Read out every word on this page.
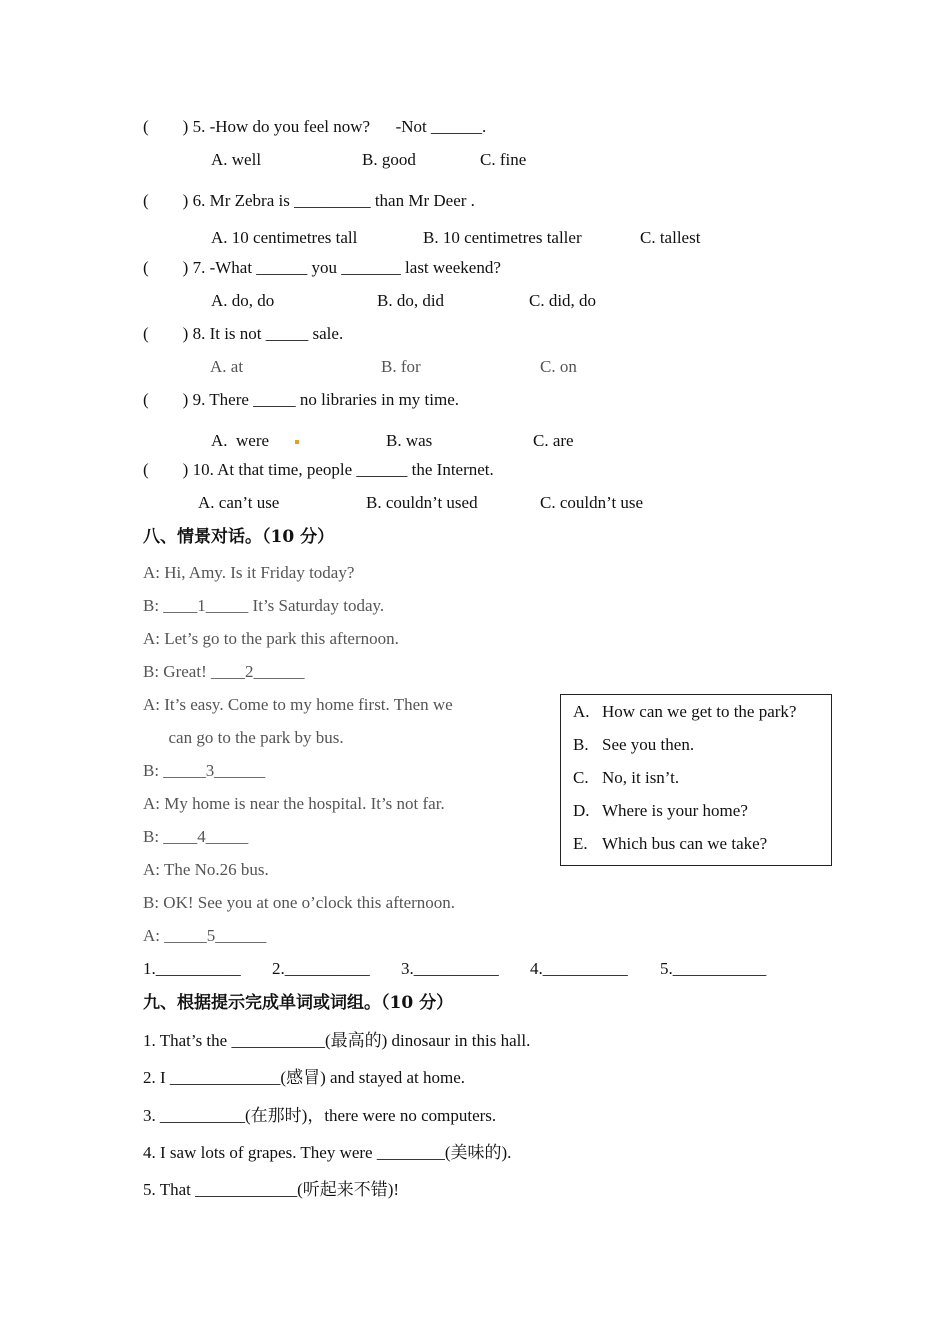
(        ) 5. -How do you feel now?      -Not ______.
A. well	B. good	C. fine
(        ) 6. Mr Zebra is _________ than Mr Deer .
A. 10 centimetres tall	B. 10 centimetres taller	C. tallest
(        ) 7. -What ______ you _______ last weekend?
A. do, do	B. do, did	C. did, do
(        ) 8. It is not _____ sale.
A. at	B. for	C. on
(        ) 9. There _____ no libraries in my time.
A.  were	B. was	C. are
(        ) 10. At that time, people ______ the Internet.
A. can’t use	B. couldn’t used	C. couldn’t use
八、情景对话。（10 分）
A: Hi, Amy. Is it Friday today?
B: ____1_____ It’s Saturday today.
A: Let’s go to the park this afternoon.
B: Great! ____2______
A: It’s easy. Come to my home first. Then we
can go to the park by bus.
B: _____3______
A: My home is near the hospital. It’s not far.
B: ____4_____
A: The No.26 bus.
B: OK! See you at one o’clock this afternoon.
A: _____5______
A. How can we get to the park?
B. See you then.
C. No, it isn’t.
D. Where is your home?
E. Which bus can we take?
1.__________ 2.__________ 3.__________ 4.__________ 5.___________
九、根据提示完成单词或词组。（10 分）
1. That’s the ___________(最高的) dinosaur in this hall.
2. I _____________(感冒) and stayed at home.
3. __________(在那时)，there were no computers.
4. I saw lots of grapes. They were ________(美味的).
5. That ____________(听起来不错)!
